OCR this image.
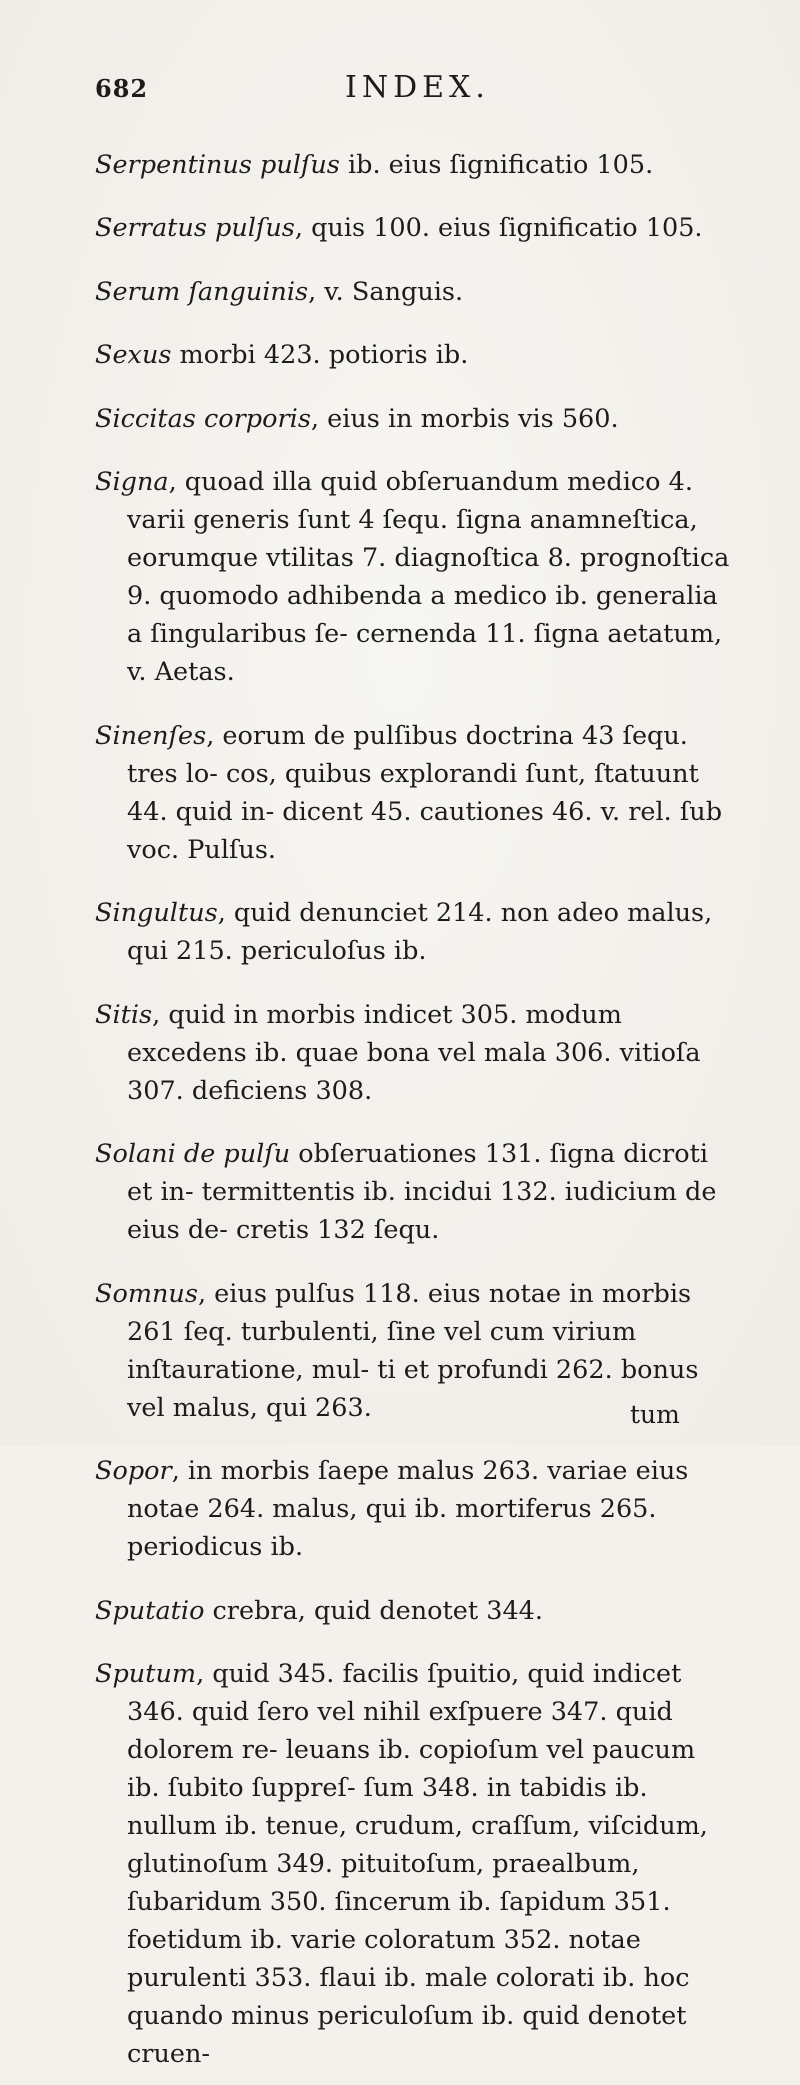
682	INDEX.

Serpentinus pulſus ib. eius ſignificatio 105.

Serratus pulſus, quis 100. eius ſignificatio 105.

Serum ſanguinis, v. Sanguis.

Sexus morbi 423. potioris ib.

Siccitas corporis, eius in morbis vis 560.

Signa, quoad illa quid obſeruandum medico 4. varii generis ſunt 4 ſequ. ſigna anamneſtica, eorumque vtilitas 7. diagnoſtica 8. prognoſtica 9. quomodo adhibenda a medico ib. generalia a ſingularibus ſe- cernenda 11. ſigna aetatum, v. Aetas.

Sinenſes, eorum de pulſibus doctrina 43 ſequ. tres lo- cos, quibus explorandi ſunt, ſtatuunt 44. quid in- dicent 45. cautiones 46. v. rel. ſub voc. Pulſus.

Singultus, quid denunciet 214. non adeo malus, qui 215. periculoſus ib.

Sitis, quid in morbis indicet 305. modum excedens ib. quae bona vel mala 306. vitioſa 307. deficiens 308.

Solani de pulſu obſeruationes 131. ſigna dicroti et in- termittentis ib. incidui 132. iudicium de eius de- cretis 132 ſequ.

Somnus, eius pulſus 118. eius notae in morbis 261 ſeq. turbulenti, ſine vel cum virium inſtauratione, mul- ti et profundi 262. bonus vel malus, qui 263.

Sopor, in morbis ſaepe malus 263. variae eius notae 264. malus, qui ib. mortiferus 265. periodicus ib.

Sputatio crebra, quid denotet 344.

Sputum, quid 345. facilis ſpuitio, quid indicet 346. quid ſero vel nihil exſpuere 347. quid dolorem re- leuans ib. copioſum vel paucum ib. ſubito ſuppreſ- ſum 348. in tabidis ib. nullum ib. tenue, crudum, craſſum, viſcidum, glutinoſum 349. pituitoſum, praealbum, ſubaridum 350. ſincerum ib. ſapidum 351. foetidum ib. varie coloratum 352. notae purulenti 353. flaui ib. male colorati ib. hoc quando minus periculoſum ib. quid denotet cruen-

tum
